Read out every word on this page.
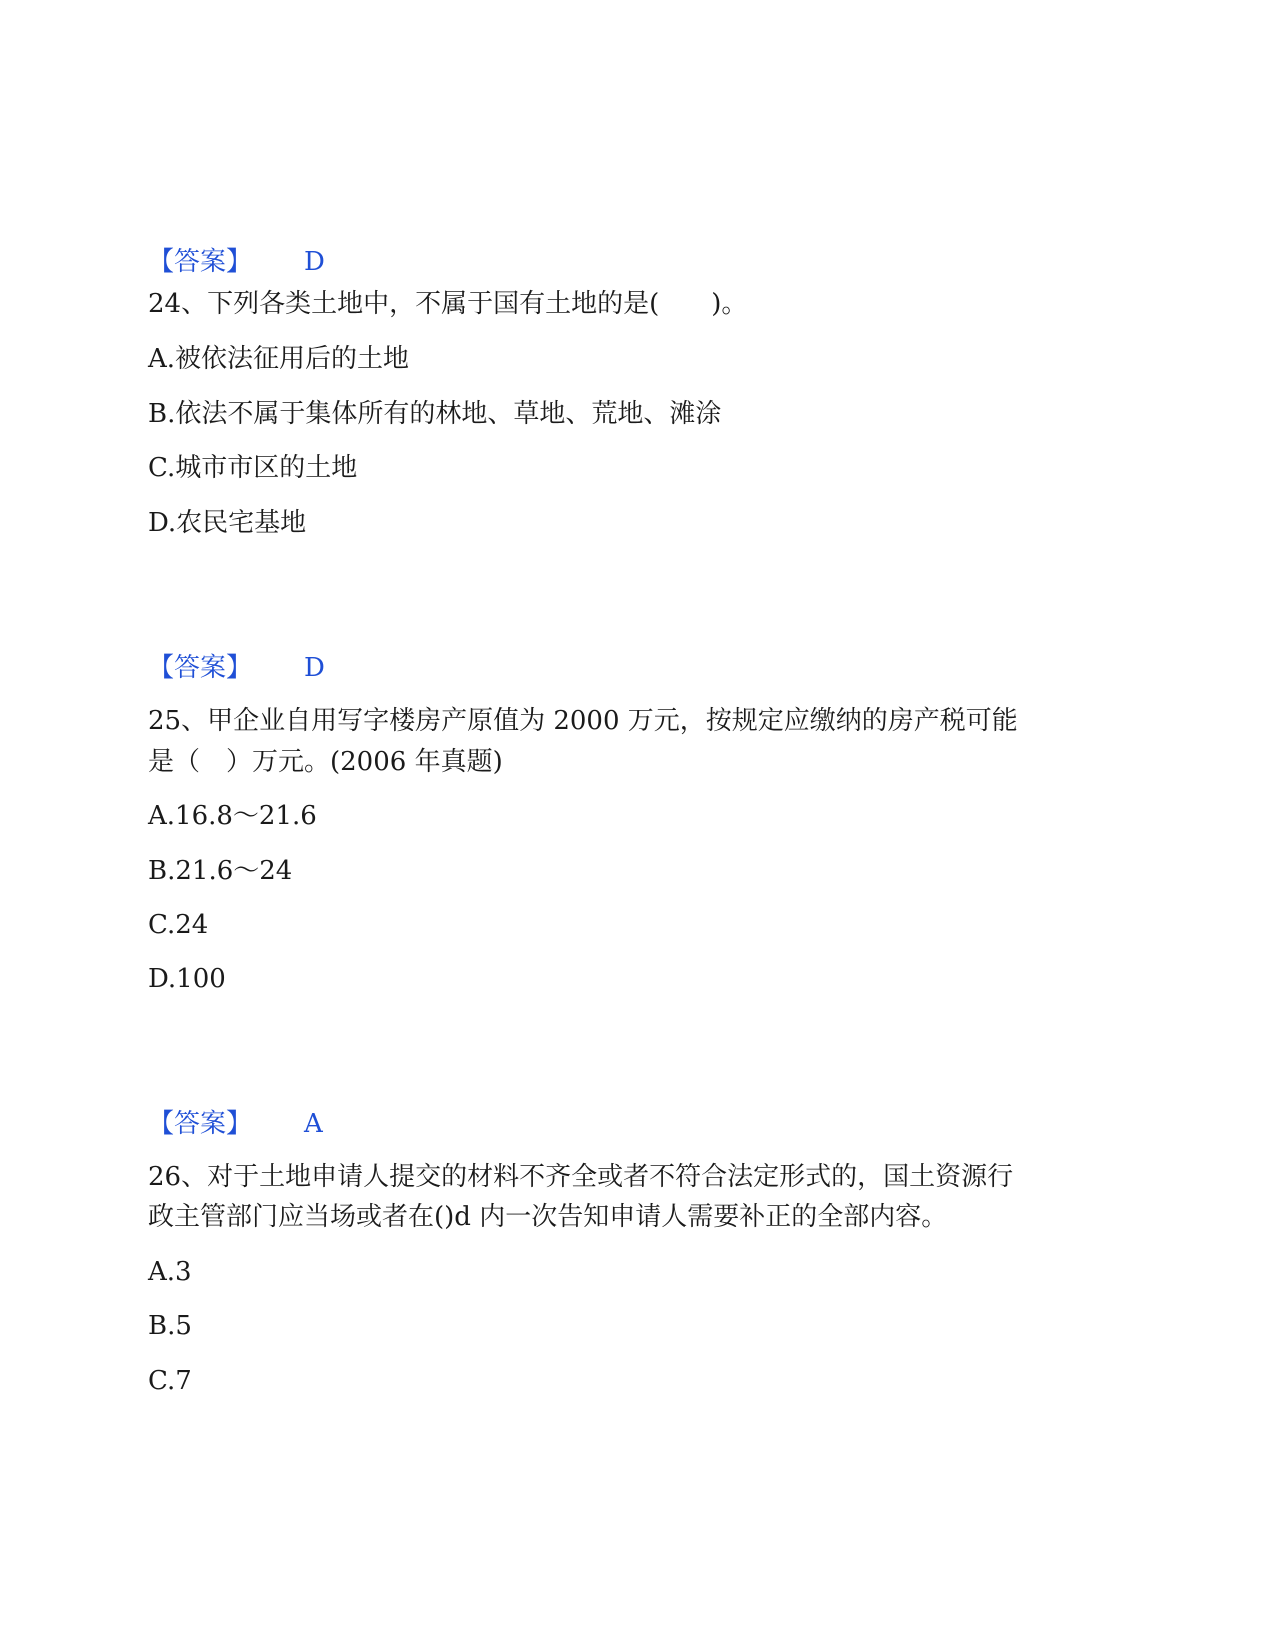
【答案】 D
24、下列各类土地中，不属于国有土地的是(　　)。
A.被依法征用后的土地
B.依法不属于集体所有的林地、草地、荒地、滩涂
C.城市市区的土地
D.农民宅基地
【答案】 D
25、甲企业自用写字楼房产原值为 2000 万元，按规定应缴纳的房产税可能
是（　）万元。(2006 年真题)
A.16.8～21.6
B.21.6～24
C.24
D.100
【答案】 A
26、对于土地申请人提交的材料不齐全或者不符合法定形式的，国土资源行
政主管部门应当场或者在()d 内一次告知申请人需要补正的全部内容。
A.3
B.5
C.7
